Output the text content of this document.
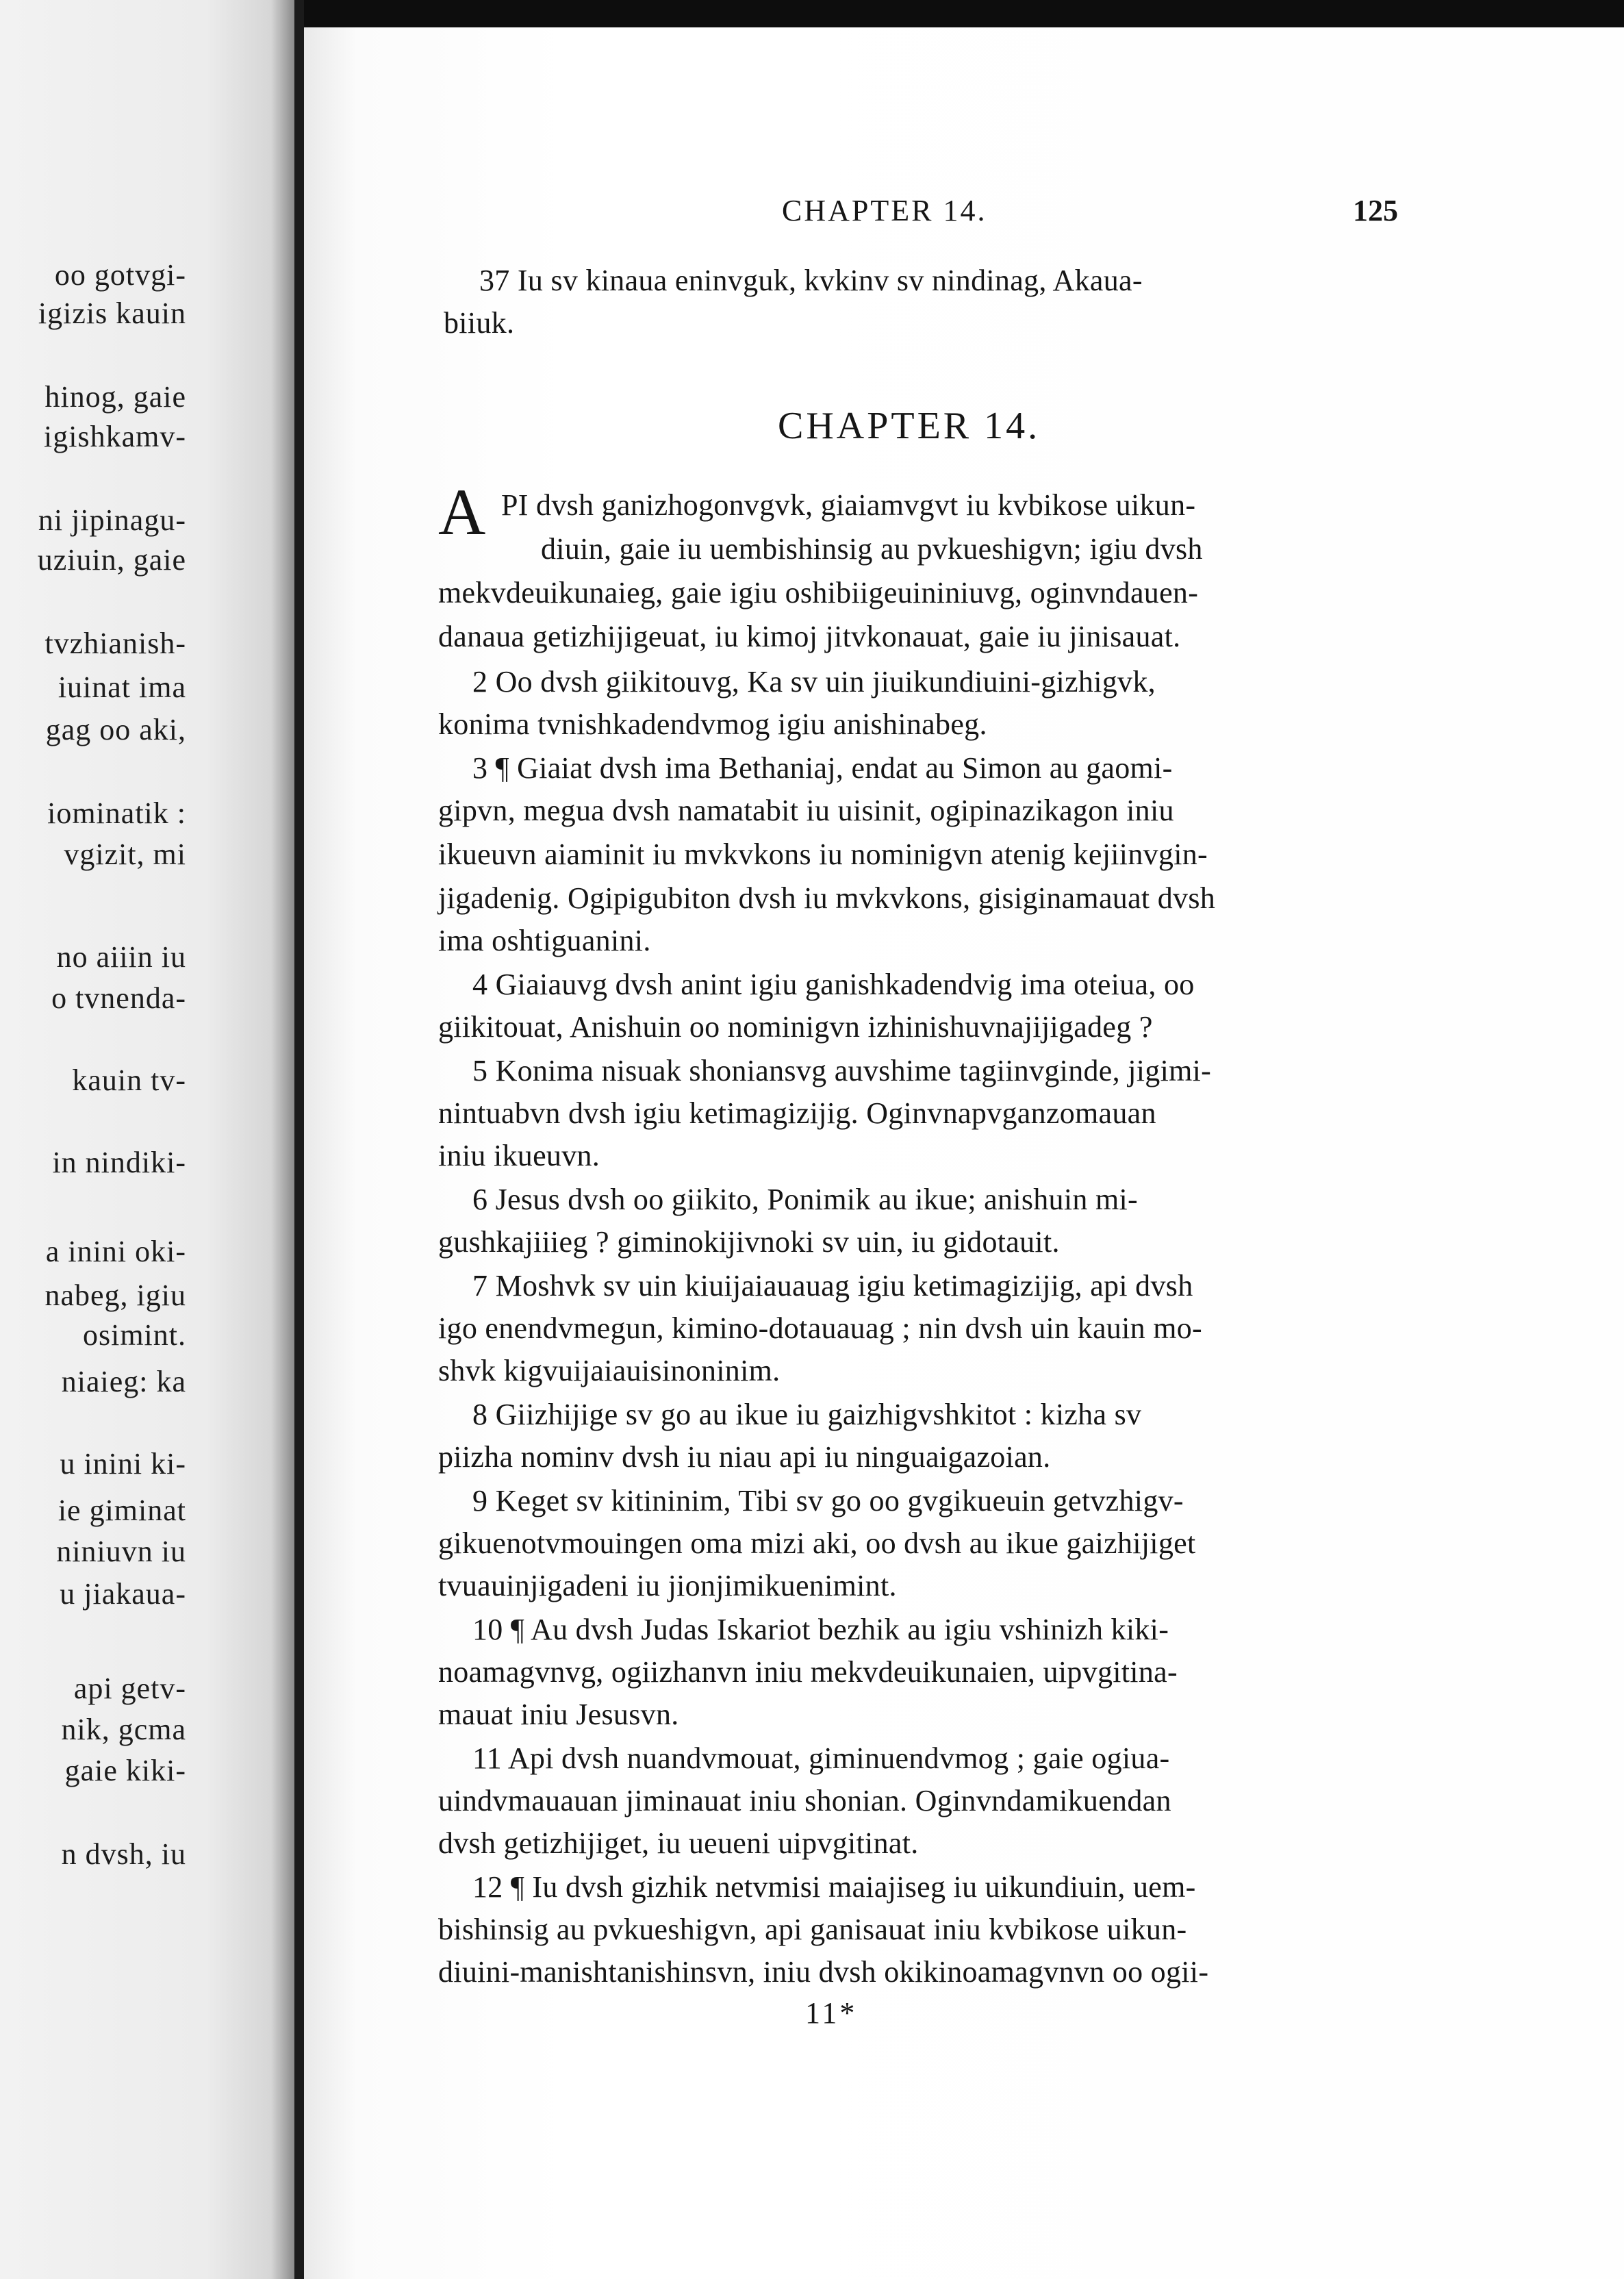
oo gotvgi-
igizis kauin
hinog, gaie
igishkamv-
ni jipinagu-
uziuin, gaie
tvzhianish-
iuinat ima
gag oo aki,
iominatik :
vgizit, mi
no aiiin iu
o tvnenda-
kauin tv-
in nindiki-
a inini oki-
nabeg, igiu
osimint.
niaieg: ka
u inini ki-
ie giminat
niniuvn iu
u jiakaua-
api getv-
nik, gcma
gaie kiki-
n dvsh, iu
CHAPTER 14.	125
37 Iu sv kinaua eninvguk, kvkinv sv nindinag, Akaua-
biiuk.
CHAPTER 14.
A PI dvsh ganizhogonvgvk, giaiamvgvt iu kvbikose uikun-
diuin, gaie iu uembishinsig au pvkueshigvn; igiu dvsh
mekvdeuikunaieg, gaie igiu oshibiigeuininiuvg, oginvndauen-
danaua getizhijigeuat, iu kimoj jitvkonauat, gaie iu jinisauat.
2 Oo dvsh giikitouvg, Ka sv uin jiuikundiuini-gizhigvk,
konima tvnishkadendvmog igiu anishinabeg.
3 ¶ Giaiat dvsh ima Bethaniaj, endat au Simon au gaomi-
gipvn, megua dvsh namatabit iu uisinit, ogipinazikagon iniu
ikueuvn aiaminit iu mvkvkons iu nominigvn atenig kejiinvgin-
jigadenig. Ogipigubiton dvsh iu mvkvkons, gisiginamauat dvsh
ima oshtiguanini.
4 Giaiauvg dvsh anint igiu ganishkadendvig ima oteiua, oo
giikitouat, Anishuin oo nominigvn izhinishuvnajijigadeg ?
5 Konima nisuak shoniansvg auvshime tagiinvginde, jigimi-
nintuabvn dvsh igiu ketimagizijig. Oginvnapvganzomauan
iniu ikueuvn.
6 Jesus dvsh oo giikito, Ponimik au ikue; anishuin mi-
gushkajiiieg ? giminokijivnoki sv uin, iu gidotauit.
7 Moshvk sv uin kiuijaiauauag igiu ketimagizijig, api dvsh
igo enendvmegun, kimino-dotauauag ; nin dvsh uin kauin mo-
shvk kigvuijaiauisinoninim.
8 Giizhijige sv go au ikue iu gaizhigvshkitot : kizha sv
piizha nominv dvsh iu niau api iu ninguaigazoian.
9 Keget sv kitininim, Tibi sv go oo gvgikueuin getvzhigv-
gikuenotvmouingen oma mizi aki, oo dvsh au ikue gaizhijiget
tvuauinjigadeni iu jionjimikuenimint.
10 ¶ Au dvsh Judas Iskariot bezhik au igiu vshinizh kiki-
noamagvnvg, ogiizhanvn iniu mekvdeuikunaien, uipvgitina-
mauat iniu Jesusvn.
11 Api dvsh nuandvmouat, giminuendvmog ; gaie ogiua-
uindvmauauan jiminauat iniu shonian. Oginvndamikuendan
dvsh getizhijiget, iu ueueni uipvgitinat.
12 ¶ Iu dvsh gizhik netvmisi maiajiseg iu uikundiuin, uem-
bishinsig au pvkueshigvn, api ganisauat iniu kvbikose uikun-
diuini-manishtanishinsvn, iniu dvsh okikinoamagvnvn oo ogii-
11*
